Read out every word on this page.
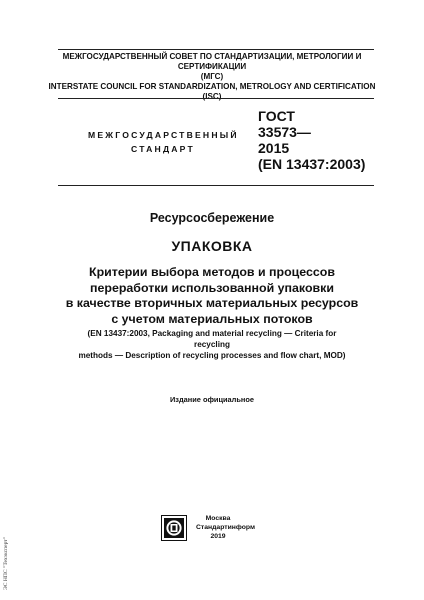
МЕЖГОСУДАРСТВЕННЫЙ СОВЕТ ПО СТАНДАРТИЗАЦИИ, МЕТРОЛОГИИ И СЕРТИФИКАЦИИ
(МГС)
INTERSTATE COUNCIL FOR STANDARDIZATION, METROLOGY AND CERTIFICATION
(ISC)
МЕЖГОСУДАРСТВЕННЫЙ
СТАНДАРТ
ГОСТ
33573—
2015
(EN 13437:2003)
Ресурсосбережение
УПАКОВКА
Критерии выбора методов и процессов
переработки использованной упаковки
в качестве вторичных материальных ресурсов
с учетом материальных потоков
(EN 13437:2003, Packaging and material recycling — Criteria for recycling
methods — Description of recycling processes and flow chart, MOD)
Издание официальное
Москва
Стандартинформ
2019
ЭС НПС "Техэксперт"
